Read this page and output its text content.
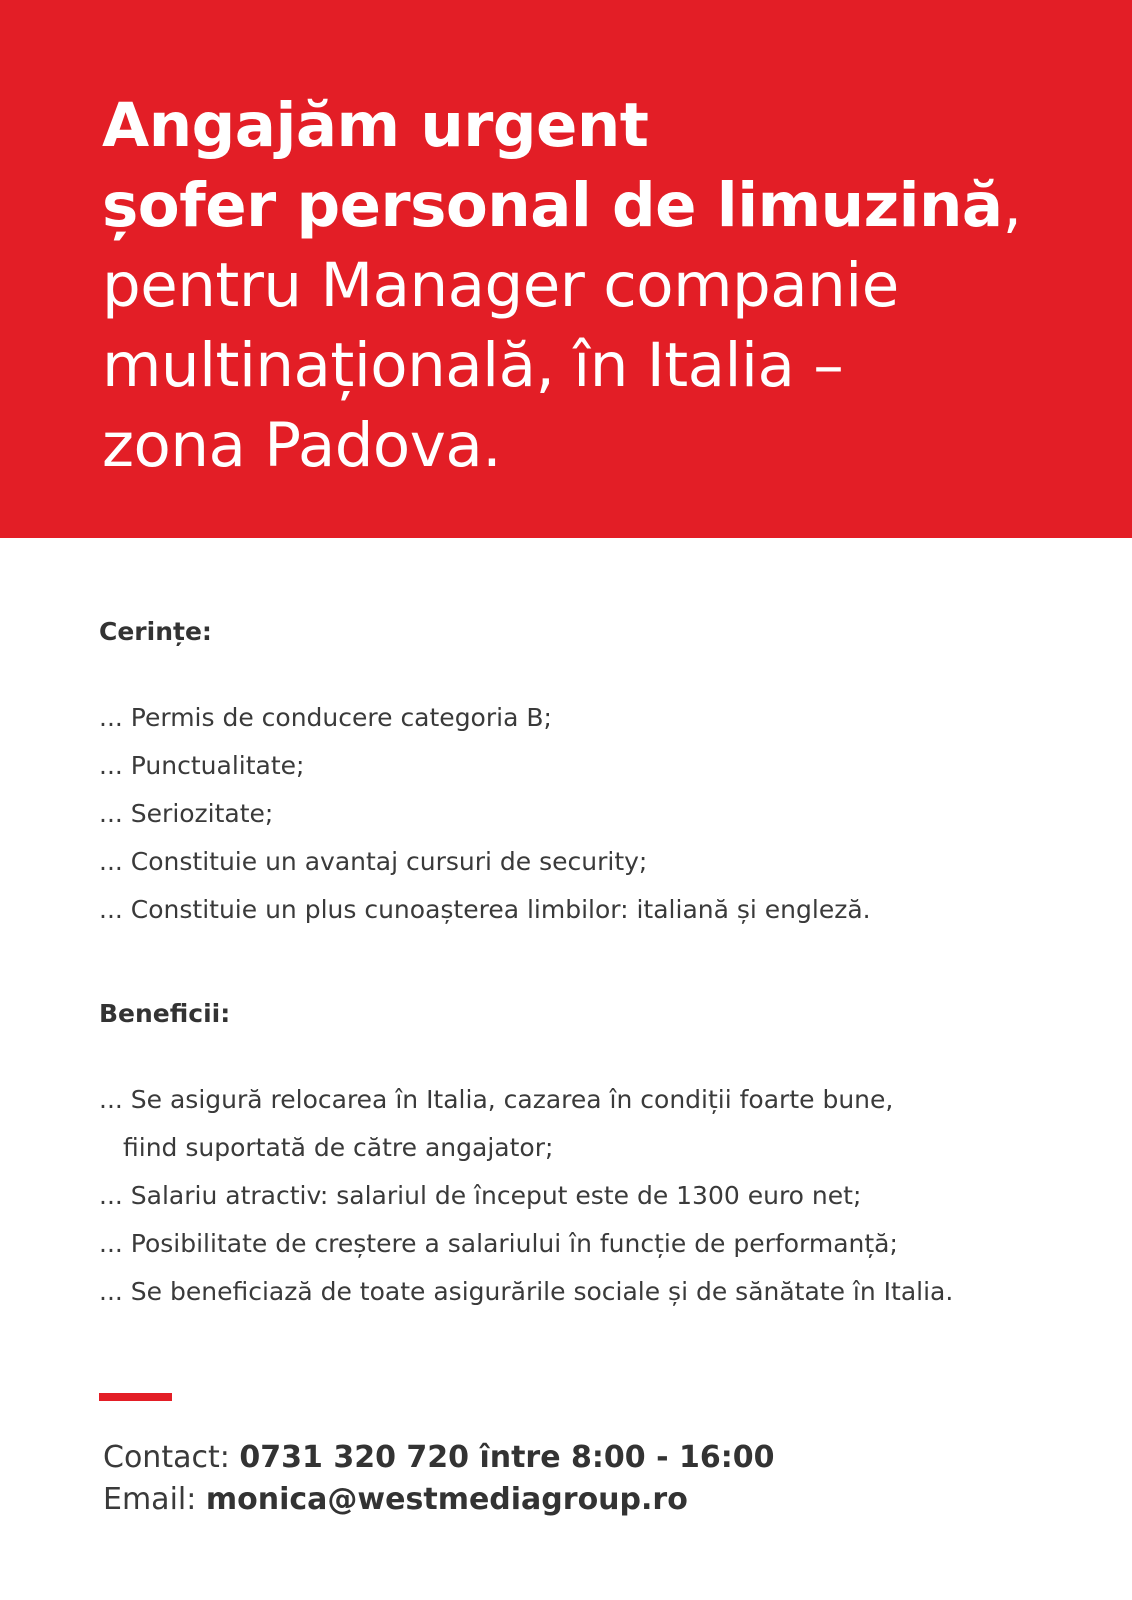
Angajăm urgent
șofer personal de limuzină,
pentru Manager companie
multinațională, în Italia –
zona Padova.
Cerințe:
... Permis de conducere categoria B;
... Punctualitate;
... Seriozitate;
... Constituie un avantaj cursuri de security;
... Constituie un plus cunoașterea limbilor: italiană și engleză.
Beneficii:
... Se asigură relocarea în Italia, cazarea în condiții foarte bune,
fiind suportată de către angajator;
... Salariu atractiv: salariul de început este de 1300 euro net;
... Posibilitate de creștere a salariului în funcție de performanță;
... Se beneficiază de toate asigurările sociale și de sănătate în Italia.
Contact: 0731 320 720 între 8:00 - 16:00
Email: monica@westmediagroup.ro
